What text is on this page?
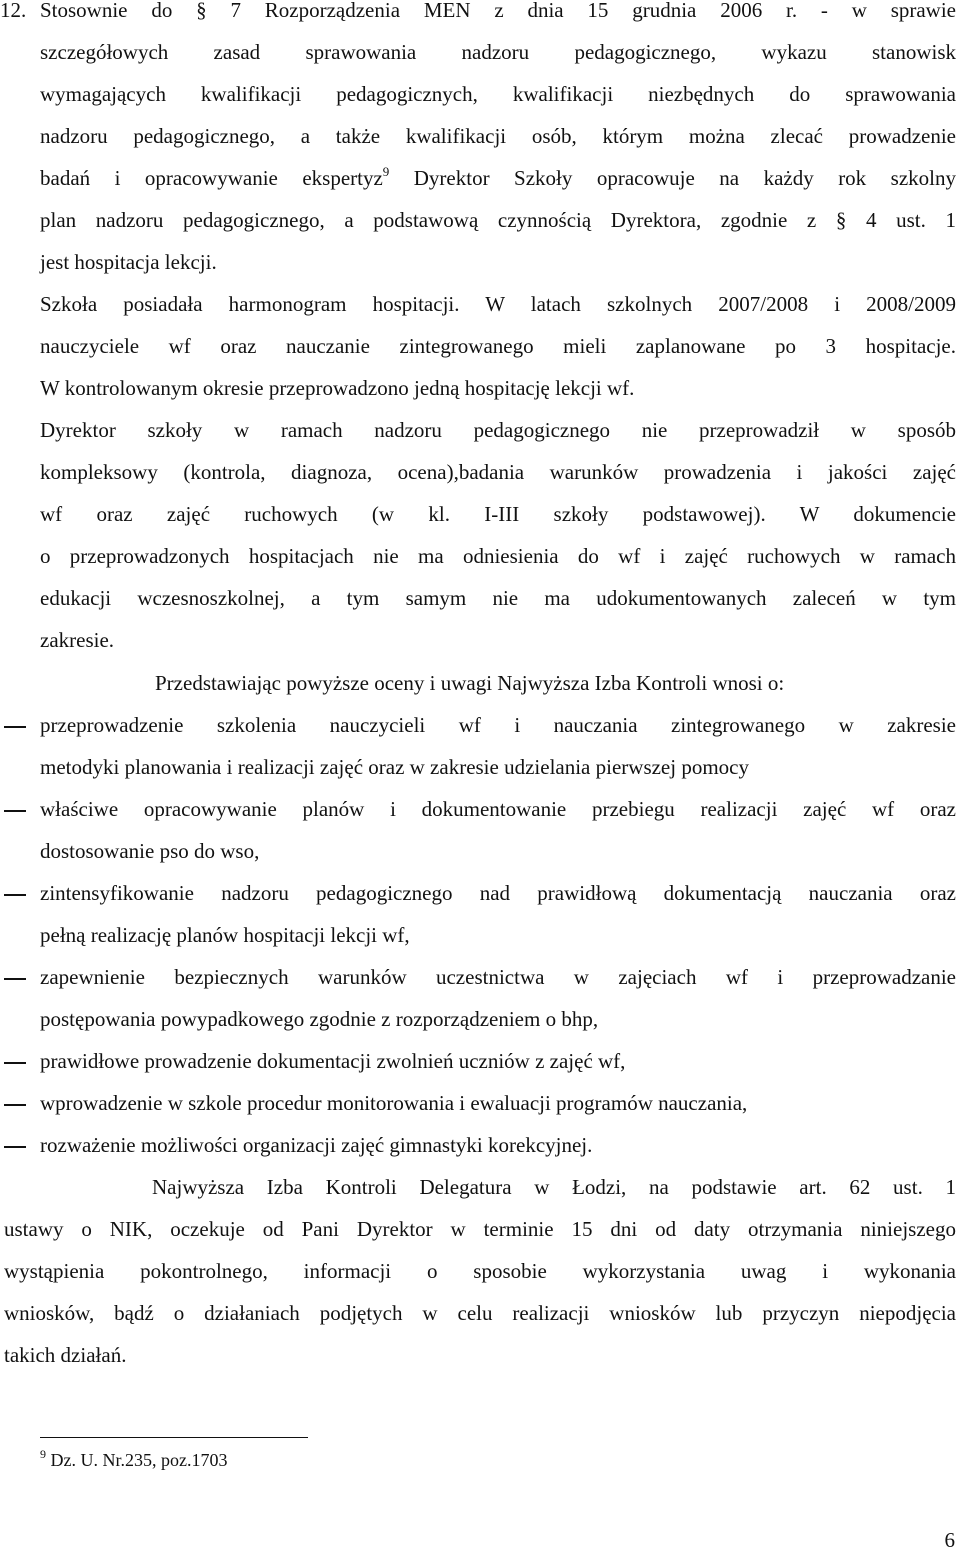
12. Stosownie do § 7 Rozporządzenia MEN z dnia 15 grudnia 2006 r. - w sprawie
szczegółowych zasad sprawowania nadzoru pedagogicznego, wykazu stanowisk
wymagających kwalifikacji pedagogicznych, kwalifikacji niezbędnych do sprawowania
nadzoru pedagogicznego, a także kwalifikacji osób, którym można zlecać prowadzenie
badań i opracowywanie ekspertyz$^9$ Dyrektor Szkoły opracowuje na każdy rok szkolny
plan nadzoru pedagogicznego, a podstawową czynnością Dyrektora, zgodnie z § 4 ust. 1
jest hospitacja lekcji.
Szkoła posiadała harmonogram hospitacji. W latach szkolnych 2007/2008 i 2008/2009
nauczyciele wf oraz nauczanie zintegrowanego mieli zaplanowane po 3 hospitacje.
W kontrolowanym okresie przeprowadzono jedną hospitację lekcji wf.
Dyrektor szkoły w ramach nadzoru pedagogicznego nie przeprowadził w sposób
kompleksowy (kontrola, diagnoza, ocena),badania warunków prowadzenia i jakości zajęć
wf oraz zajęć ruchowych (w kl. I-III szkoły podstawowej). W dokumencie
o przeprowadzonych hospitacjach nie ma odniesienia do wf i zajęć ruchowych w ramach
edukacji wczesnoszkolnej, a tym samym nie ma udokumentowanych zaleceń w tym
zakresie.
Przedstawiając powyższe oceny i uwagi Najwyższa Izba Kontroli wnosi o:
przeprowadzenie szkolenia nauczycieli wf i nauczania zintegrowanego w zakresie
metodyki planowania i realizacji zajęć oraz w zakresie udzielania pierwszej pomocy
właściwe opracowywanie planów i dokumentowanie przebiegu realizacji zajęć wf oraz
dostosowanie pso do wso,
zintensyfikowanie nadzoru pedagogicznego nad prawidłową dokumentacją nauczania oraz
pełną realizację planów hospitacji lekcji wf,
zapewnienie bezpiecznych warunków uczestnictwa w zajęciach wf i przeprowadzanie
postępowania powypadkowego zgodnie z rozporządzeniem o bhp,
prawidłowe prowadzenie dokumentacji zwolnień uczniów z zajęć wf,
wprowadzenie w szkole procedur monitorowania i ewaluacji programów nauczania,
rozważenie możliwości organizacji zajęć gimnastyki korekcyjnej.
Najwyższa Izba Kontroli Delegatura w Łodzi, na podstawie art. 62 ust. 1
ustawy o NIK, oczekuje od Pani Dyrektor w terminie 15 dni od daty otrzymania niniejszego
wystąpienia pokontrolnego, informacji o sposobie wykorzystania uwag i wykonania
wniosków, bądź o działaniach podjętych w celu realizacji wniosków lub przyczyn niepodjęcia
takich działań.
$^9$ Dz. U. Nr.235, poz.1703
6
